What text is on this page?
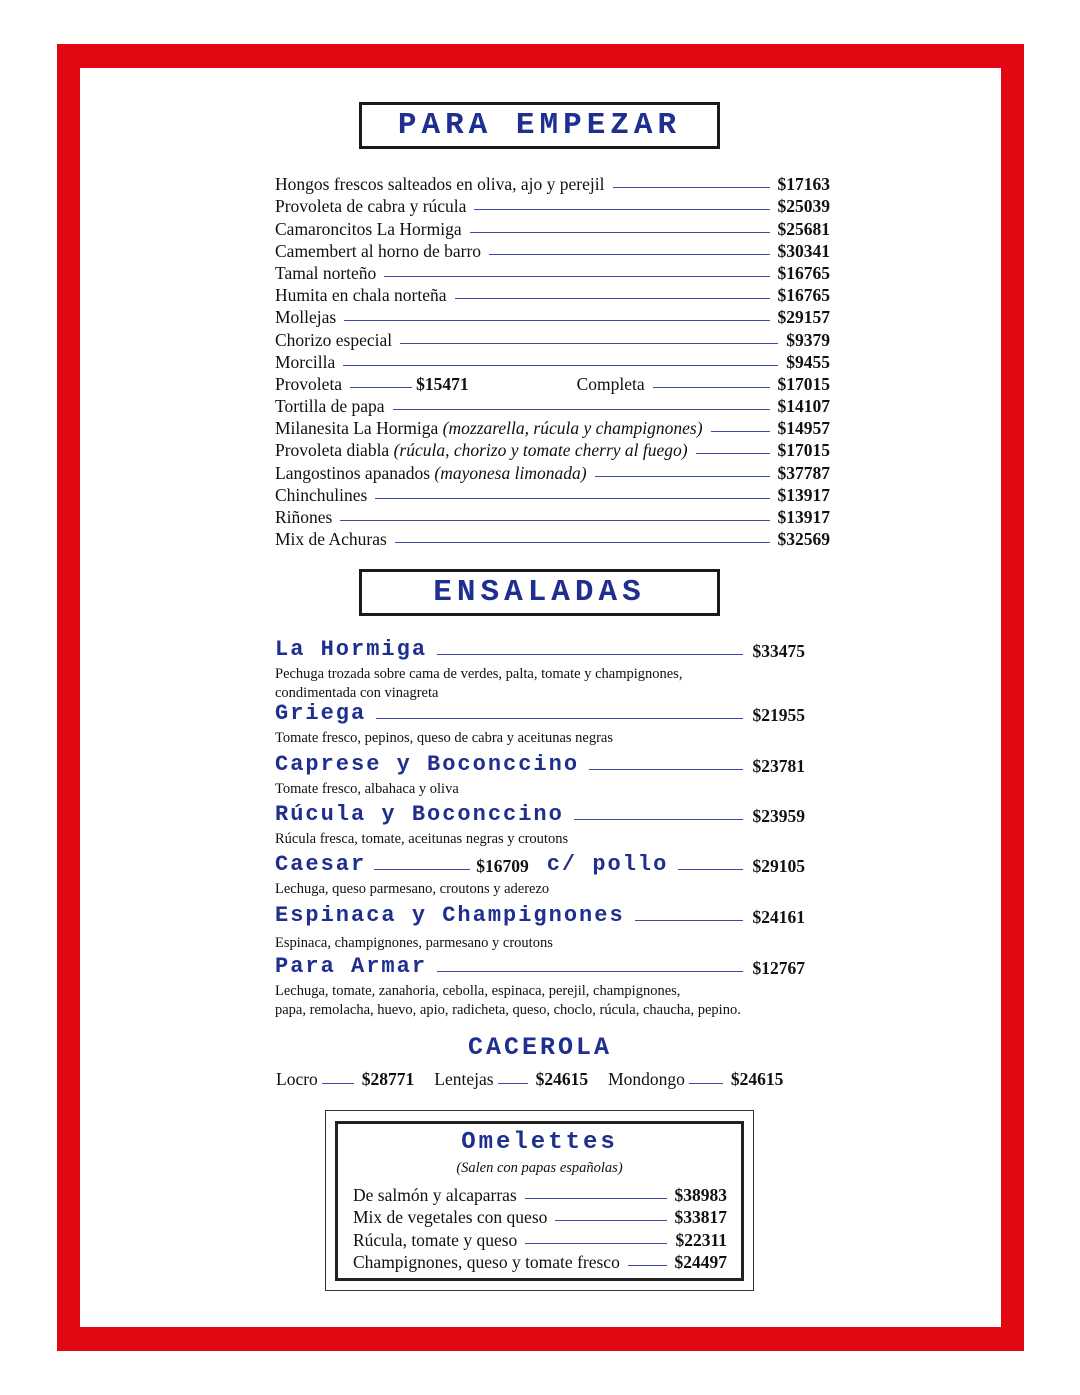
PARA EMPEZAR
Hongos frescos salteados en oliva, ajo y perejil	$17163
Provoleta de cabra y rúcula	$25039
Camaroncitos La Hormiga	$25681
Camembert al horno de barro	$30341
Tamal norteño	$16765
Humita en chala norteña	$16765
Mollejas	$29157
Chorizo especial	$9379
Morcilla	$9455
Provoleta	$15471	Completa	$17015
Tortilla de papa	$14107
Milanesita La Hormiga (mozzarella, rúcula y champignones)	$14957
Provoleta diabla (rúcula, chorizo y tomate cherry al fuego)	$17015
Langostinos apanados (mayonesa limonada)	$37787
Chinchulines	$13917
Riñones	$13917
Mix de Achuras	$32569
ENSALADAS
La Hormiga	$33475
Pechuga trozada sobre cama de verdes, palta, tomate y champignones, condimentada con vinagreta
Griega	$21955
Tomate fresco, pepinos, queso de cabra y aceitunas negras
Caprese y Boconccino	$23781
Tomate fresco, albahaca y oliva
Rúcula y Boconccino	$23959
Rúcula fresca, tomate, aceitunas negras y croutons
Caesar	$16709 c/ pollo	$29105
Lechuga, queso parmesano, croutons y aderezo
Espinaca y Champignones	$24161
Espinaca, champignones, parmesano y croutons
Para Armar	$12767
Lechuga, tomate, zanahoria, cebolla, espinaca, perejil, champignones,
papa, remolacha, huevo, apio, radicheta, queso, choclo, rúcula, chaucha, pepino.
CACEROLA
Locro	$28771 Lentejas $24615 Mondongo	$24615
Omelettes
(Salen con papas españolas)
De salmón y alcaparras	$38983
Mix de vegetales con queso	$33817
Rúcula, tomate y queso	$22311
Champignones, queso y tomate fresco	$24497
